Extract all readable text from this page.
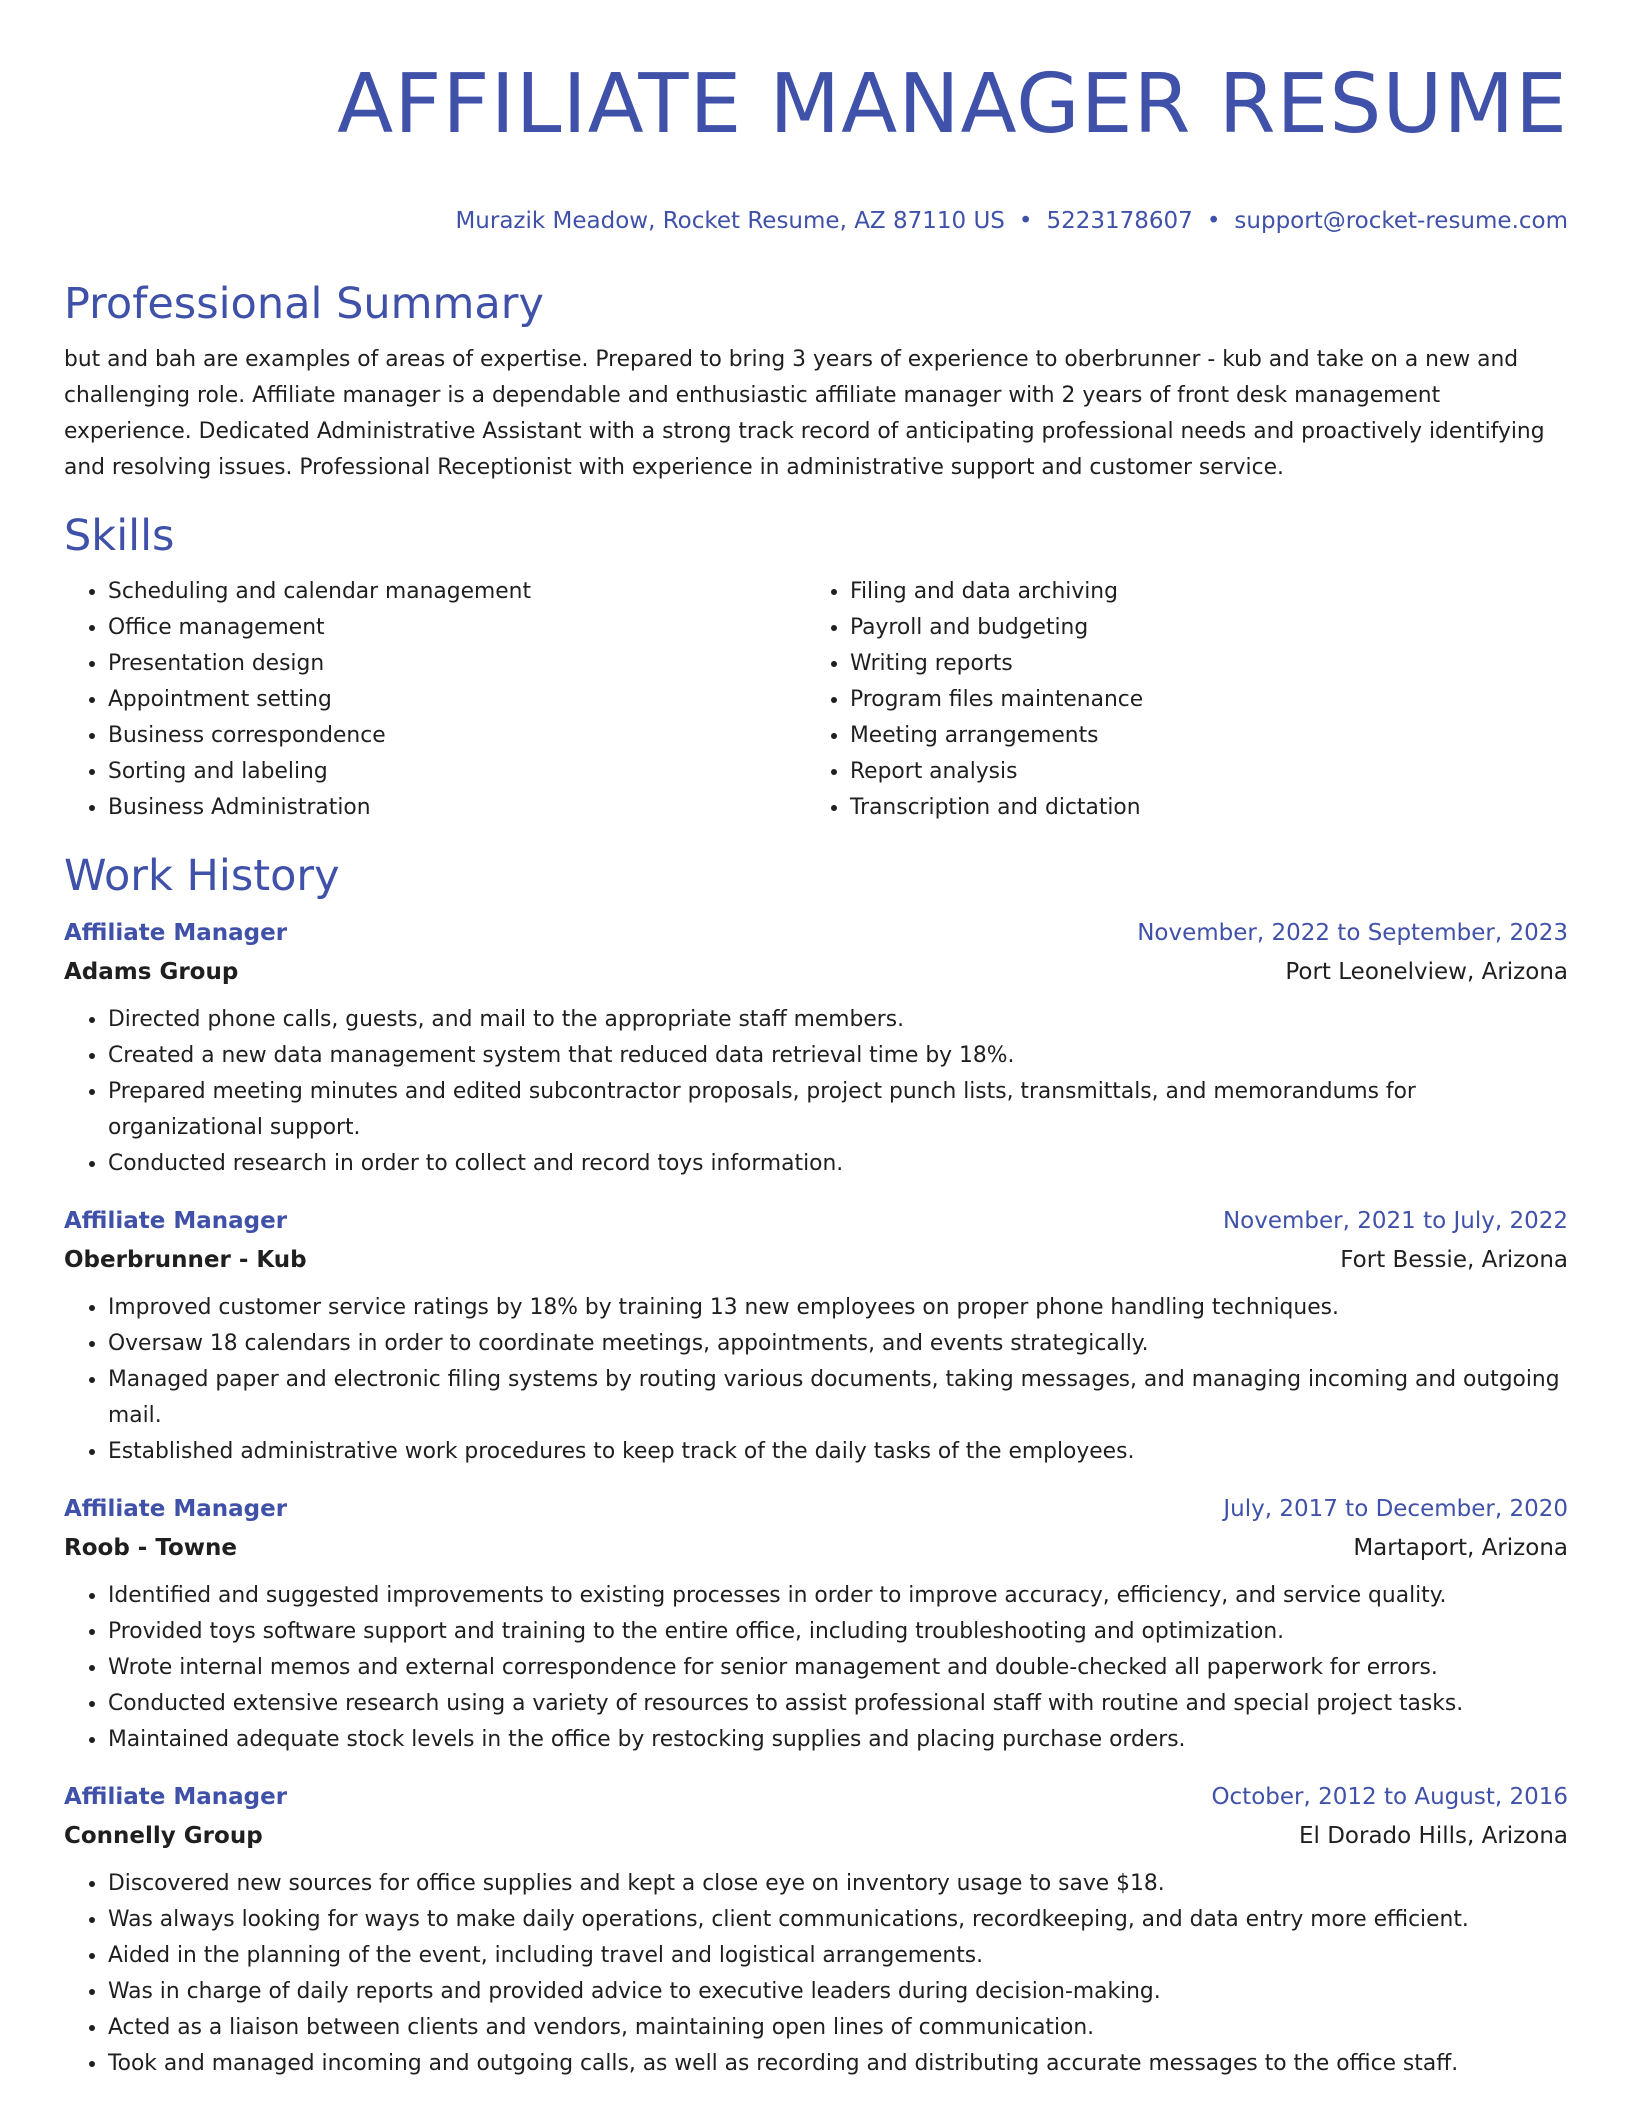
AFFILIATE MANAGER RESUME
Murazik Meadow, Rocket Resume, AZ 87110 US • 5223178607 • support@rocket-resume.com
Professional Summary

but and bah are examples of areas of expertise. Prepared to bring 3 years of experience to oberbrunner - kub and take on a new and challenging role. Affiliate manager is a dependable and enthusiastic affiliate manager with 2 years of front desk management experience. Dedicated Administrative Assistant with a strong track record of anticipating professional needs and proactively identifying and resolving issues. Professional Receptionist with experience in administrative support and customer service.

Skills
• Scheduling and calendar management
• Office management
• Presentation design
• Appointment setting
• Business correspondence
• Sorting and labeling
• Business Administration
• Filing and data archiving
• Payroll and budgeting
• Writing reports
• Program files maintenance
• Meeting arrangements
• Report analysis
• Transcription and dictation
Work History
Affiliate Manager	November, 2022 to September, 2023
Adams Group	Port Leonelview, Arizona
• Directed phone calls, guests, and mail to the appropriate staff members.
• Created a new data management system that reduced data retrieval time by 18%.
• Prepared meeting minutes and edited subcontractor proposals, project punch lists, transmittals, and memorandums for organizational support.
• Conducted research in order to collect and record toys information.
Affiliate Manager	November, 2021 to July, 2022
Oberbrunner - Kub	Fort Bessie, Arizona
• Improved customer service ratings by 18% by training 13 new employees on proper phone handling techniques.
• Oversaw 18 calendars in order to coordinate meetings, appointments, and events strategically.
• Managed paper and electronic filing systems by routing various documents, taking messages, and managing incoming and outgoing mail.
• Established administrative work procedures to keep track of the daily tasks of the employees.
Affiliate Manager	July, 2017 to December, 2020
Roob - Towne	Martaport, Arizona
• Identified and suggested improvements to existing processes in order to improve accuracy, efficiency, and service quality.
• Provided toys software support and training to the entire office, including troubleshooting and optimization.
• Wrote internal memos and external correspondence for senior management and double-checked all paperwork for errors.
• Conducted extensive research using a variety of resources to assist professional staff with routine and special project tasks.
• Maintained adequate stock levels in the office by restocking supplies and placing purchase orders.
Affiliate Manager	October, 2012 to August, 2016
Connelly Group	El Dorado Hills, Arizona
• Discovered new sources for office supplies and kept a close eye on inventory usage to save $18.
• Was always looking for ways to make daily operations, client communications, recordkeeping, and data entry more efficient.
• Aided in the planning of the event, including travel and logistical arrangements.
• Was in charge of daily reports and provided advice to executive leaders during decision-making.
• Acted as a liaison between clients and vendors, maintaining open lines of communication.
• Took and managed incoming and outgoing calls, as well as recording and distributing accurate messages to the office staff.
